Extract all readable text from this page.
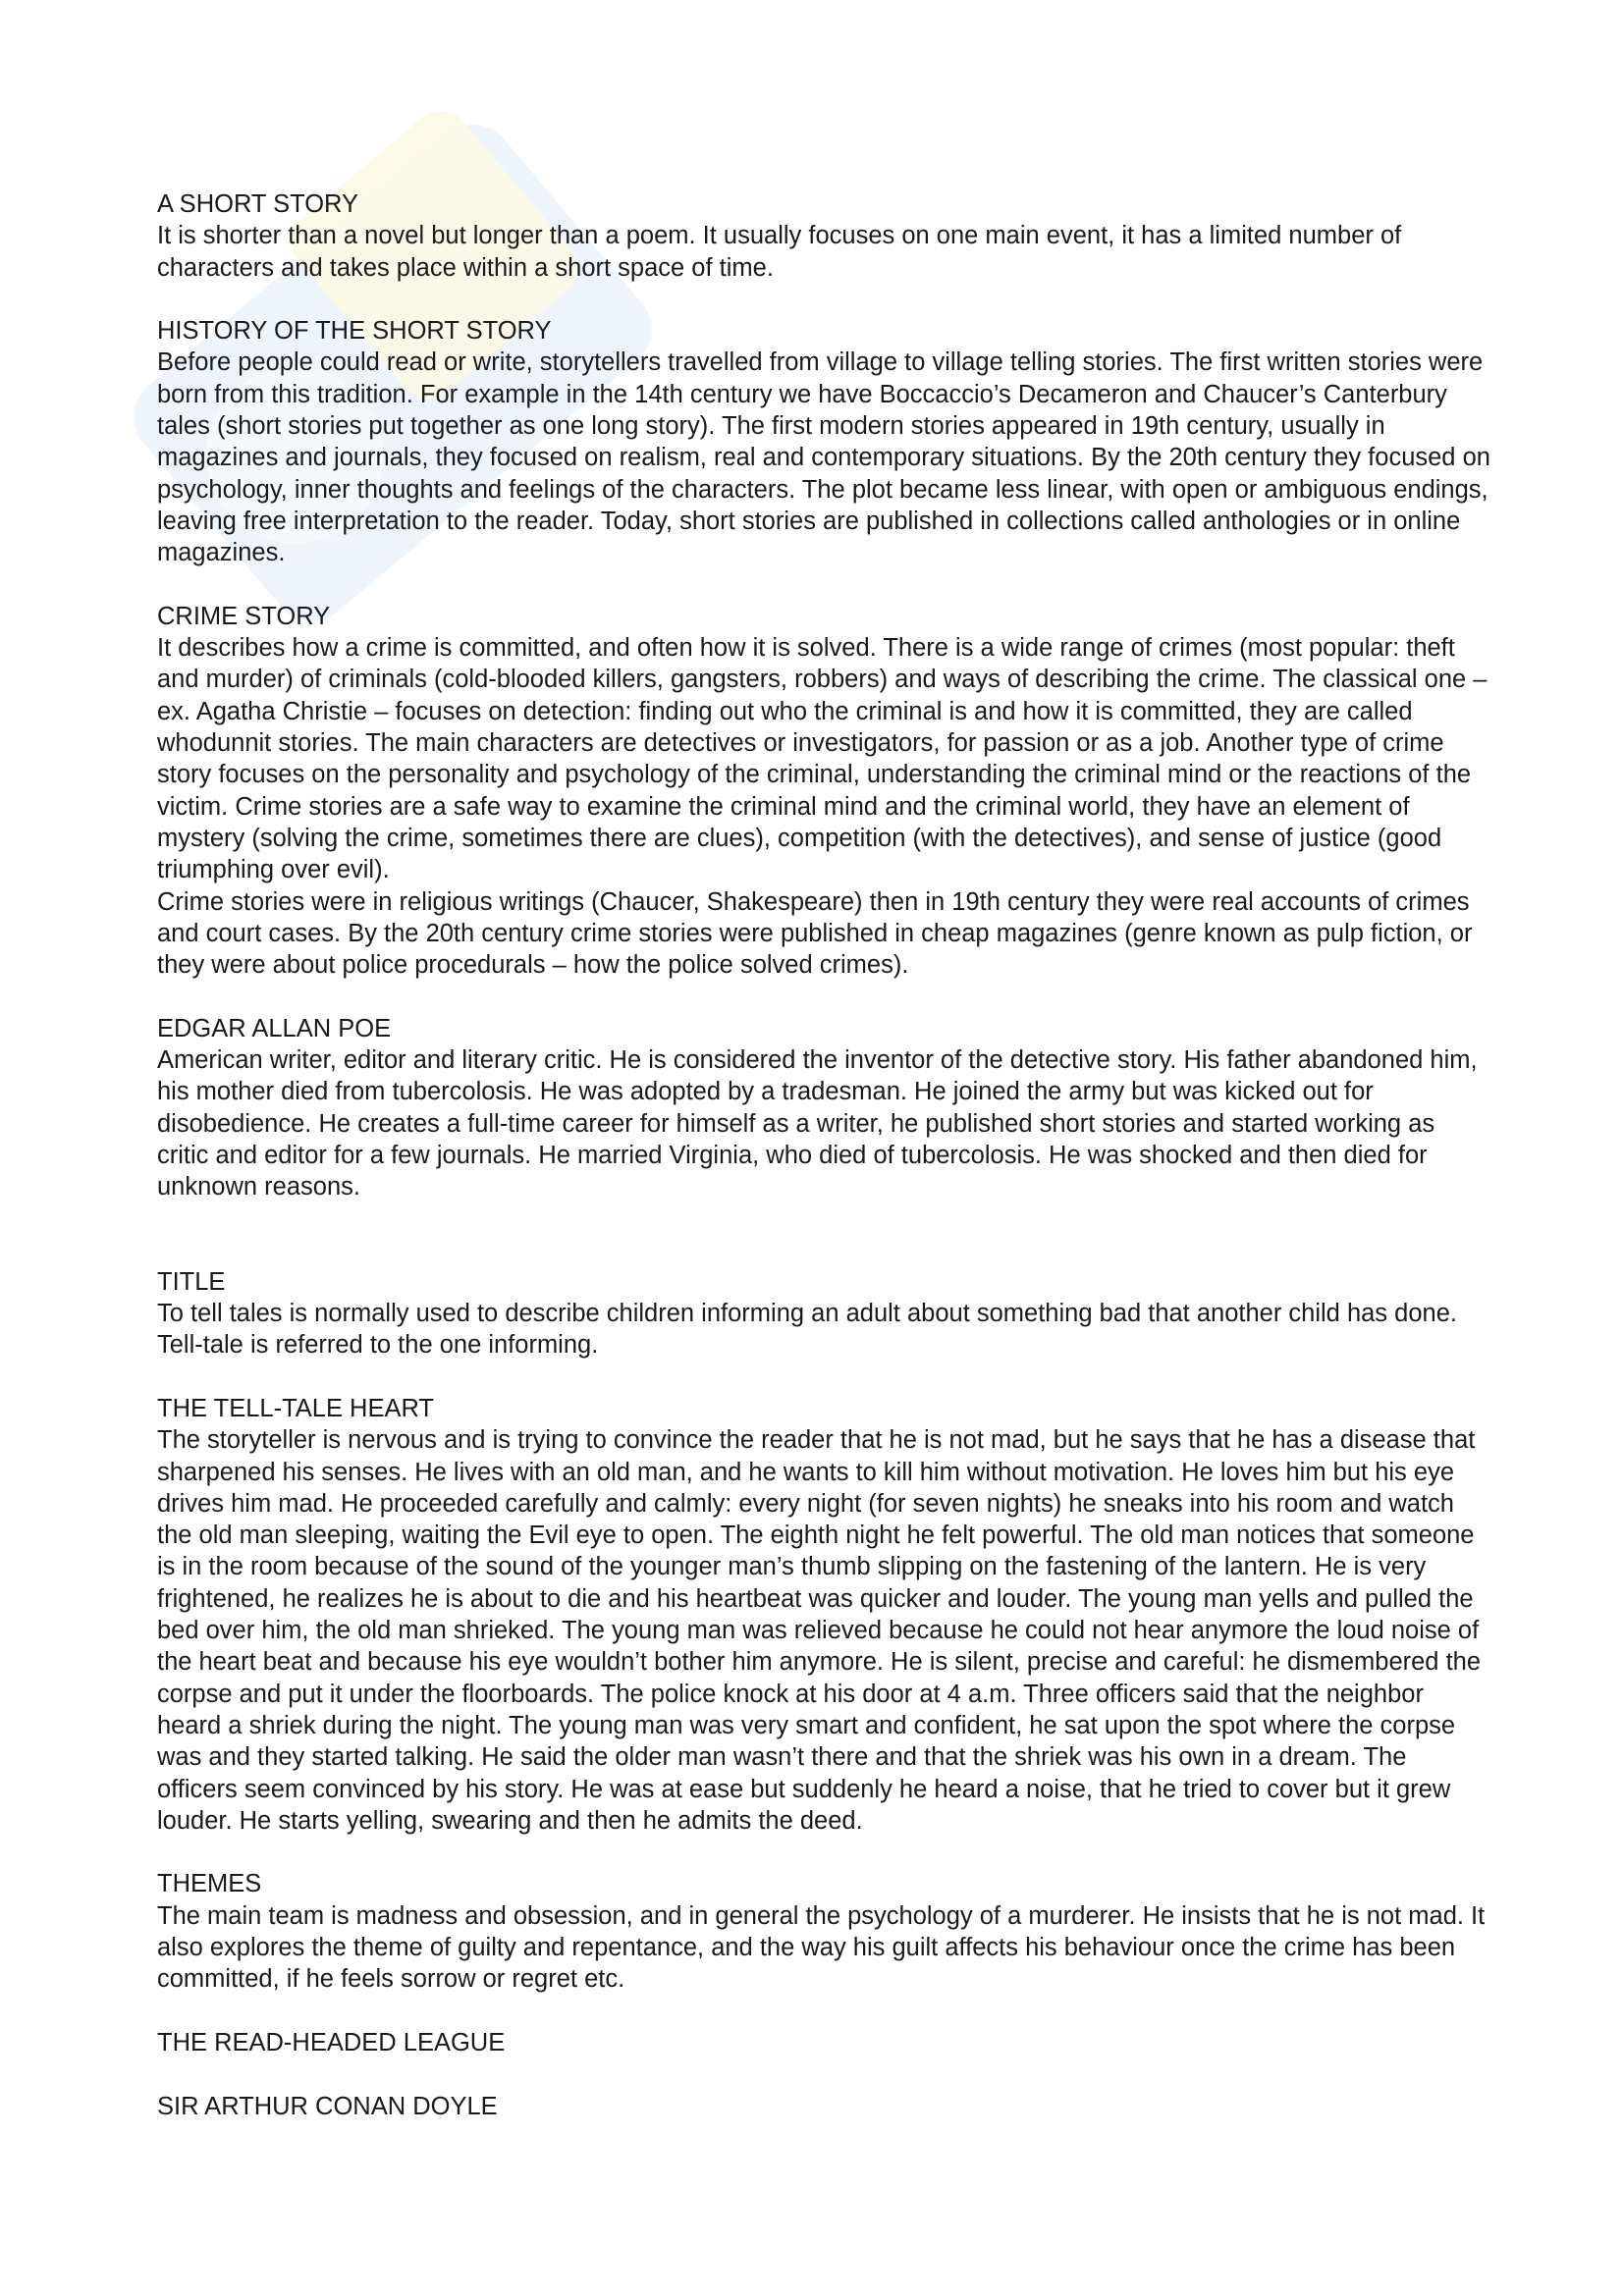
A SHORT STORY

It is shorter than a novel but longer than a poem. It usually focuses on one main event, it has a limited number of characters and takes place within a short space of time.

HISTORY OF THE SHORT STORY

Before people could read or write, storytellers travelled from village to village telling stories. The first written stories were born from this tradition. For example in the 14th century we have Boccaccio’s Decameron and Chaucer’s Canterbury tales (short stories put together as one long story). The first modern stories appeared in 19th century, usually in magazines and journals, they focused on realism, real and contemporary situations. By the 20th century they focused on psychology, inner thoughts and feelings of the characters. The plot became less linear, with open or ambiguous endings, leaving free interpretation to the reader. Today, short stories are published in collections called anthologies or in online magazines.

CRIME STORY

It describes how a crime is committed, and often how it is solved. There is a wide range of crimes (most popular: theft and murder) of criminals (cold-blooded killers, gangsters, robbers) and ways of describing the crime. The classical one – ex. Agatha Christie – focuses on detection: finding out who the criminal is and how it is committed, they are called whodunnit stories. The main characters are detectives or investigators, for passion or as a job. Another type of crime story focuses on the personality and psychology of the criminal, understanding the criminal mind or the reactions of the victim. Crime stories are a safe way to examine the criminal mind and the criminal world, they have an element of mystery (solving the crime, sometimes there are clues), competition (with the detectives), and sense of justice (good triumphing over evil).

Crime stories were in religious writings (Chaucer, Shakespeare) then in 19th century they were real accounts of crimes and court cases. By the 20th century crime stories were published in cheap magazines (genre known as pulp fiction, or they were about police procedurals – how the police solved crimes).

EDGAR ALLAN POE

American writer, editor and literary critic. He is considered the inventor of the detective story. His father abandoned him, his mother died from tubercolosis. He was adopted by a tradesman. He joined the army but was kicked out for disobedience. He creates a full-time career for himself as a writer, he published short stories and started working as critic and editor for a few journals. He married Virginia, who died of tubercolosis. He was shocked and then died for unknown reasons.

TITLE

To tell tales is normally used to describe children informing an adult about something bad that another child has done. Tell-tale is referred to the one informing.

THE TELL-TALE HEART

The storyteller is nervous and is trying to convince the reader that he is not mad, but he says that he has a disease that sharpened his senses. He lives with an old man, and he wants to kill him without motivation. He loves him but his eye drives him mad. He proceeded carefully and calmly: every night (for seven nights) he sneaks into his room and watch the old man sleeping, waiting the Evil eye to open. The eighth night he felt powerful. The old man notices that someone is in the room because of the sound of the younger man’s thumb slipping on the fastening of the lantern. He is very frightened, he realizes he is about to die and his heartbeat was quicker and louder. The young man yells and pulled the bed over him, the old man shrieked. The young man was relieved because he could not hear anymore the loud noise of the heart beat and because his eye wouldn’t bother him anymore. He is silent, precise and careful: he dismembered the corpse and put it under the floorboards. The police knock at his door at 4 a.m. Three officers said that the neighbor heard a shriek during the night. The young man was very smart and confident, he sat upon the spot where the corpse was and they started talking. He said the older man wasn’t there and that the shriek was his own in a dream. The officers seem convinced by his story. He was at ease but suddenly he heard a noise, that he tried to cover but it grew louder. He starts yelling, swearing and then he admits the deed.

THEMES

The main team is madness and obsession, and in general the psychology of a murderer. He insists that he is not mad. It also explores the theme of guilty and repentance, and the way his guilt affects his behaviour once the crime has been committed, if he feels sorrow or regret etc.

THE READ-HEADED LEAGUE
SIR ARTHUR CONAN DOYLE
